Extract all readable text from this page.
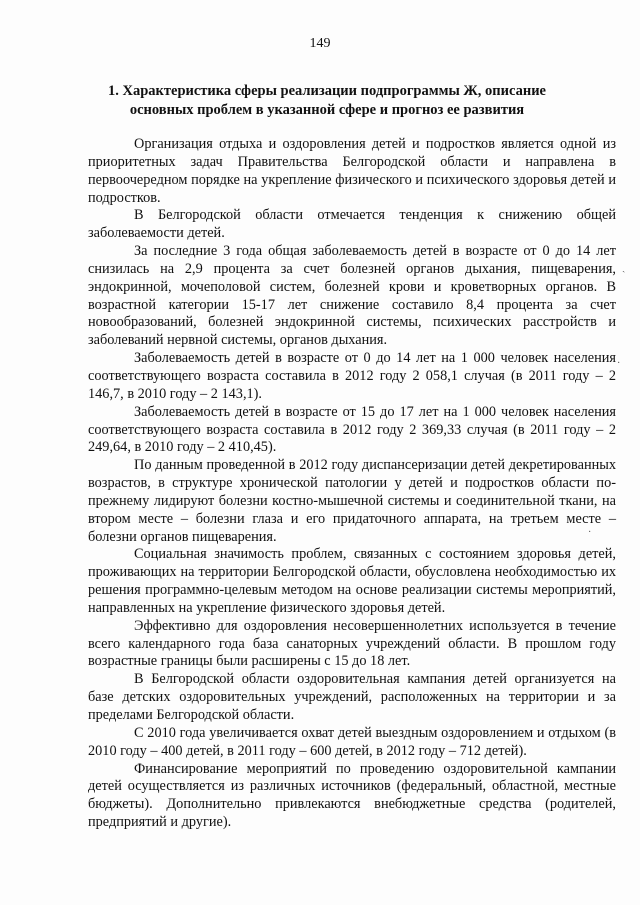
149
1. Характеристика сферы реализации подпрограммы Ж, описание
основных проблем в указанной сфере и прогноз ее развития

Организация отдыха и оздоровления детей и подростков является одной из приоритетных задач Правительства Белгородской области и направлена в первоочередном порядке на укрепление физического и психического здоровья детей и подростков.

В Белгородской области отмечается тенденция к снижению общей заболеваемости детей.

За последние 3 года общая заболеваемость детей в возрасте от 0 до 14 лет снизилась на 2,9 процента за счет болезней органов дыхания, пищеварения, эндокринной, мочеполовой систем, болезней крови и кроветворных органов. В возрастной категории 15-17 лет снижение составило 8,4 процента за счет новообразований, болезней эндокринной системы, психических расстройств и заболеваний нервной системы, органов дыхания.

Заболеваемость детей в возрасте от 0 до 14 лет на 1 000 человек населения соответствующего возраста составила в 2012 году 2 058,1 случая (в 2011 году – 2 146,7, в 2010 году – 2 143,1).

Заболеваемость детей в возрасте от 15 до 17 лет на 1 000 человек населения соответствующего возраста составила в 2012 году 2 369,33 случая (в 2011 году – 2 249,64, в 2010 году – 2 410,45).

По данным проведенной в 2012 году диспансеризации детей декретированных возрастов, в структуре хронической патологии у детей и подростков области по-прежнему лидируют болезни костно-мышечной системы и соединительной ткани, на втором месте – болезни глаза и его придаточного аппарата, на третьем месте – болезни органов пищеварения.

Социальная значимость проблем, связанных с состоянием здоровья детей, проживающих на территории Белгородской области, обусловлена необходимостью их решения программно-целевым методом на основе реализации системы мероприятий, направленных на укрепление физического здоровья детей.

Эффективно для оздоровления несовершеннолетних используется в течение всего календарного года база санаторных учреждений области. В прошлом году возрастные границы были расширены с 15 до 18 лет.

В Белгородской области оздоровительная кампания детей организуется на базе детских оздоровительных учреждений, расположенных на территории и за пределами Белгородской области.

С 2010 года увеличивается охват детей выездным оздоровлением и отдыхом (в 2010 году – 400 детей, в 2011 году – 600 детей, в 2012 году – 712 детей).

Финансирование мероприятий по проведению оздоровительной кампании детей осуществляется из различных источников (федеральный, областной, местные бюджеты). Дополнительно привлекаются внебюджетные средства (родителей, предприятий и другие).

ˎ
·
·
